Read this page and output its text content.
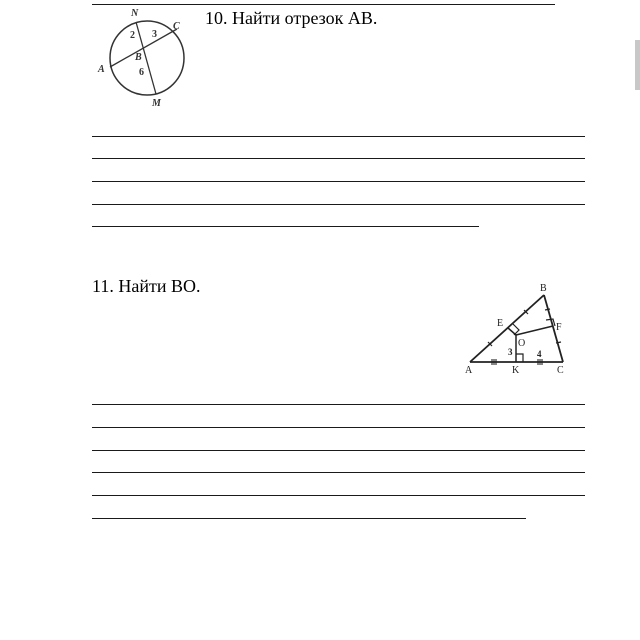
N
C
A
B
M
2 3
6
10. Найти отрезок АВ.
11. Найти ВО.	B
E	F
O
A	K	C
3	4
